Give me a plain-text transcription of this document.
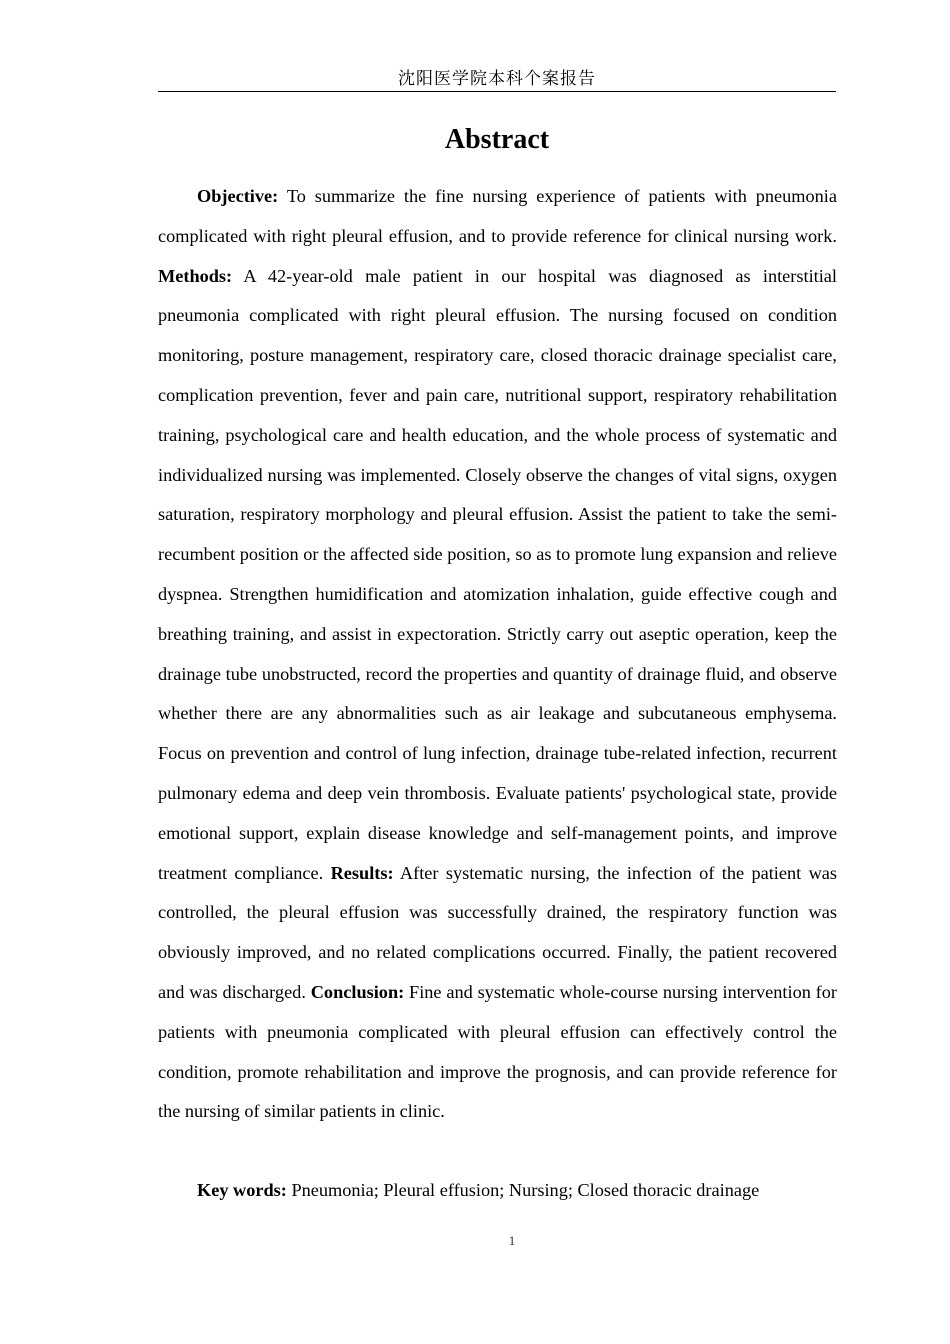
沈阳医学院本科个案报告
Abstract

Objective: To summarize the fine nursing experience of patients with pneumonia complicated with right pleural effusion, and to provide reference for clinical nursing work. Methods: A 42-year-old male patient in our hospital was diagnosed as interstitial pneumonia complicated with right pleural effusion. The nursing focused on condition monitoring, posture management, respiratory care, closed thoracic drainage specialist care, complication prevention, fever and pain care, nutritional support, respiratory rehabilitation training, psychological care and health education, and the whole process of systematic and individualized nursing was implemented. Closely observe the changes of vital signs, oxygen saturation, respiratory morphology and pleural effusion. Assist the patient to take the semi-recumbent position or the affected side position, so as to promote lung expansion and relieve dyspnea. Strengthen humidification and atomization inhalation, guide effective cough and breathing training, and assist in expectoration. Strictly carry out aseptic operation, keep the drainage tube unobstructed, record the properties and quantity of drainage fluid, and observe whether there are any abnormalities such as air leakage and subcutaneous emphysema. Focus on prevention and control of lung infection, drainage tube-related infection, recurrent pulmonary edema and deep vein thrombosis. Evaluate patients' psychological state, provide emotional support, explain disease knowledge and self-management points, and improve treatment compliance. Results: After systematic nursing, the infection of the patient was controlled, the pleural effusion was successfully drained, the respiratory function was obviously improved, and no related complications occurred. Finally, the patient recovered and was discharged. Conclusion: Fine and systematic whole-course nursing intervention for patients with pneumonia complicated with pleural effusion can effectively control the condition, promote rehabilitation and improve the prognosis, and can provide reference for the nursing of similar patients in clinic.

Key words: Pneumonia; Pleural effusion; Nursing; Closed thoracic drainage

1
